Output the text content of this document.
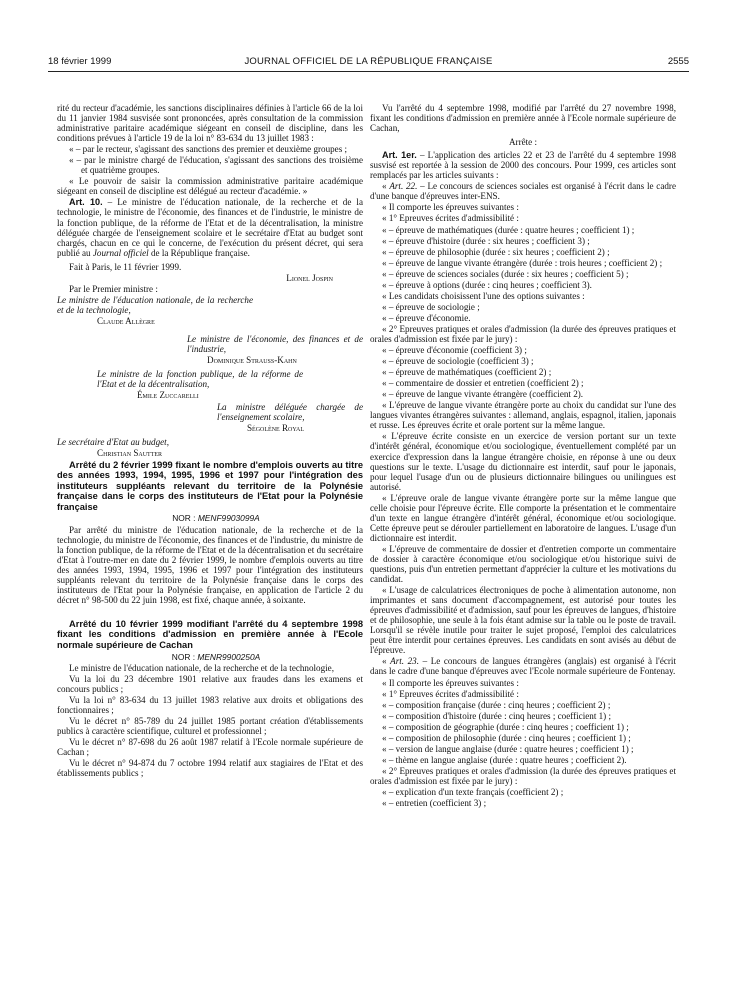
18 février 1999	JOURNAL OFFICIEL DE LA RÉPUBLIQUE FRANÇAISE	2555

rité du recteur d'académie, les sanctions disciplinaires définies à l'article 66 de la loi du 11 janvier 1984 susvisée sont prononcées, après consultation de la commission administrative paritaire académique siégeant en conseil de discipline, dans les conditions prévues à l'article 19 de la loi n° 83-634 du 13 juillet 1983 :

« – par le recteur, s'agissant des sanctions des premier et deuxième groupes ;

« – par le ministre chargé de l'éducation, s'agissant des sanctions des troisième et quatrième groupes.

« Le pouvoir de saisir la commission administrative paritaire académique siégeant en conseil de discipline est délégué au recteur d'académie. »

Art. 10. – Le ministre de l'éducation nationale, de la recherche et de la technologie, le ministre de l'économie, des finances et de l'industrie, le ministre de la fonction publique, de la réforme de l'Etat et de la décentralisation, la ministre déléguée chargée de l'enseignement scolaire et le secrétaire d'Etat au budget sont chargés, chacun en ce qui le concerne, de l'exécution du présent décret, qui sera publié au Journal officiel de la République française.

Fait à Paris, le 11 février 1999.

Lionel Jospin

Par le Premier ministre :

Le ministre de l'éducation nationale, de la recherche et de la technologie,

Claude Allègre

Le ministre de l'économie, des finances et de l'industrie,

Dominique Strauss-Kahn

Le ministre de la fonction publique, de la réforme de l'Etat et de la décentralisation,

Émile Zuccarelli

La ministre déléguée chargée de l'enseignement scolaire,

Ségolène Royal

Le secrétaire d'Etat au budget,

Christian Sautter

Arrêté du 2 février 1999 fixant le nombre d'emplois ouverts au titre des années 1993, 1994, 1995, 1996 et 1997 pour l'intégration des instituteurs suppléants relevant du territoire de la Polynésie française dans le corps des instituteurs de l'Etat pour la Polynésie française

NOR : MENF9903099A

Par arrêté du ministre de l'éducation nationale, de la recherche et de la technologie, du ministre de l'économie, des finances et de l'industrie, du ministre de la fonction publique, de la réforme de l'Etat et de la décentralisation et du secrétaire d'Etat à l'outre-mer en date du 2 février 1999, le nombre d'emplois ouverts au titre des années 1993, 1994, 1995, 1996 et 1997 pour l'intégration des instituteurs suppléants relevant du territoire de la Polynésie française dans le corps des instituteurs de l'Etat pour la Polynésie française, en application de l'article 2 du décret n° 98-500 du 22 juin 1998, est fixé, chaque année, à soixante.

Arrêté du 10 février 1999 modifiant l'arrêté du 4 septembre 1998 fixant les conditions d'admission en première année à l'Ecole normale supérieure de Cachan

NOR : MENR9900250A

Le ministre de l'éducation nationale, de la recherche et de la technologie,

Vu la loi du 23 décembre 1901 relative aux fraudes dans les examens et concours publics ;

Vu la loi n° 83-634 du 13 juillet 1983 relative aux droits et obligations des fonctionnaires ;

Vu le décret n° 85-789 du 24 juillet 1985 portant création d'établissements publics à caractère scientifique, culturel et professionnel ;

Vu le décret n° 87-698 du 26 août 1987 relatif à l'Ecole normale supérieure de Cachan ;

Vu le décret n° 94-874 du 7 octobre 1994 relatif aux stagiaires de l'Etat et des établissements publics ;

Vu l'arrêté du 4 septembre 1998, modifié par l'arrêté du 27 novembre 1998, fixant les conditions d'admission en première année à l'Ecole normale supérieure de Cachan,

Arrête :

Art. 1er. – L'application des articles 22 et 23 de l'arrêté du 4 septembre 1998 susvisé est reportée à la session de 2000 des concours. Pour 1999, ces articles sont remplacés par les articles suivants :

« Art. 22. – Le concours de sciences sociales est organisé à l'écrit dans le cadre d'une banque d'épreuves inter-ENS.

« Il comporte les épreuves suivantes :

« 1° Epreuves écrites d'admissibilité :

« – épreuve de mathématiques (durée : quatre heures ; coefficient 1) ;

« – épreuve d'histoire (durée : six heures ; coefficient 3) ;

« – épreuve de philosophie (durée : six heures ; coefficient 2) ;

« – épreuve de langue vivante étrangère (durée : trois heures ; coefficient 2) ;

« – épreuve de sciences sociales (durée : six heures ; coefficient 5) ;

« – épreuve à options (durée : cinq heures ; coefficient 3).

« Les candidats choisissent l'une des options suivantes :

« – épreuve de sociologie ;

« – épreuve d'économie.

« 2° Epreuves pratiques et orales d'admission (la durée des épreuves pratiques et orales d'admission est fixée par le jury) :

« – épreuve d'économie (coefficient 3) ;

« – épreuve de sociologie (coefficient 3) ;

« – épreuve de mathématiques (coefficient 2) ;

« – commentaire de dossier et entretien (coefficient 2) ;

« – épreuve de langue vivante étrangère (coefficient 2).

« L'épreuve de langue vivante étrangère porte au choix du candidat sur l'une des langues vivantes étrangères suivantes : allemand, anglais, espagnol, italien, japonais et russe. Les épreuves écrite et orale portent sur la même langue.

« L'épreuve écrite consiste en un exercice de version portant sur un texte d'intérêt général, économique et/ou sociologique, éventuellement complété par un exercice d'expression dans la langue étrangère choisie, en réponse à une ou deux questions sur le texte. L'usage du dictionnaire est interdit, sauf pour le japonais, pour lequel l'usage d'un ou de plusieurs dictionnaire bilingues ou unilingues est autorisé.

« L'épreuve orale de langue vivante étrangère porte sur la même langue que celle choisie pour l'épreuve écrite. Elle comporte la présentation et le commentaire d'un texte en langue étrangère d'intérêt général, économique et/ou sociologique. Cette épreuve peut se dérouler partiellement en laboratoire de langues. L'usage d'un dictionnaire est interdit.

« L'épreuve de commentaire de dossier et d'entretien comporte un commentaire de dossier à caractère économique et/ou sociologique et/ou historique suivi de questions, puis d'un entretien permettant d'apprécier la culture et les motivations du candidat.

« L'usage de calculatrices électroniques de poche à alimentation autonome, non imprimantes et sans document d'accompagnement, est autorisé pour toutes les épreuves d'admissibilité et d'admission, sauf pour les épreuves de langues, d'histoire et de philosophie, une seule à la fois étant admise sur la table ou le poste de travail. Lorsqu'il se révèle inutile pour traiter le sujet proposé, l'emploi des calculatrices peut être interdit pour certaines épreuves. Les candidats en sont avisés au début de l'épreuve.

« Art. 23. – Le concours de langues étrangères (anglais) est organisé à l'écrit dans le cadre d'une banque d'épreuves avec l'Ecole normale supérieure de Fontenay.

« Il comporte les épreuves suivantes :

« 1° Epreuves écrites d'admissibilité :

« – composition française (durée : cinq heures ; coefficient 2) ;

« – composition d'histoire (durée : cinq heures ; coefficient 1) ;

« – composition de géographie (durée : cinq heures ; coefficient 1) ;

« – composition de philosophie (durée : cinq heures ; coefficient 1) ;

« – version de langue anglaise (durée : quatre heures ; coefficient 1) ;

« – thème en langue anglaise (durée : quatre heures ; coefficient 2).

« 2° Epreuves pratiques et orales d'admission (la durée des épreuves pratiques et orales d'admission est fixée par le jury) :

« – explication d'un texte français (coefficient 2) ;

« – entretien (coefficient 3) ;
